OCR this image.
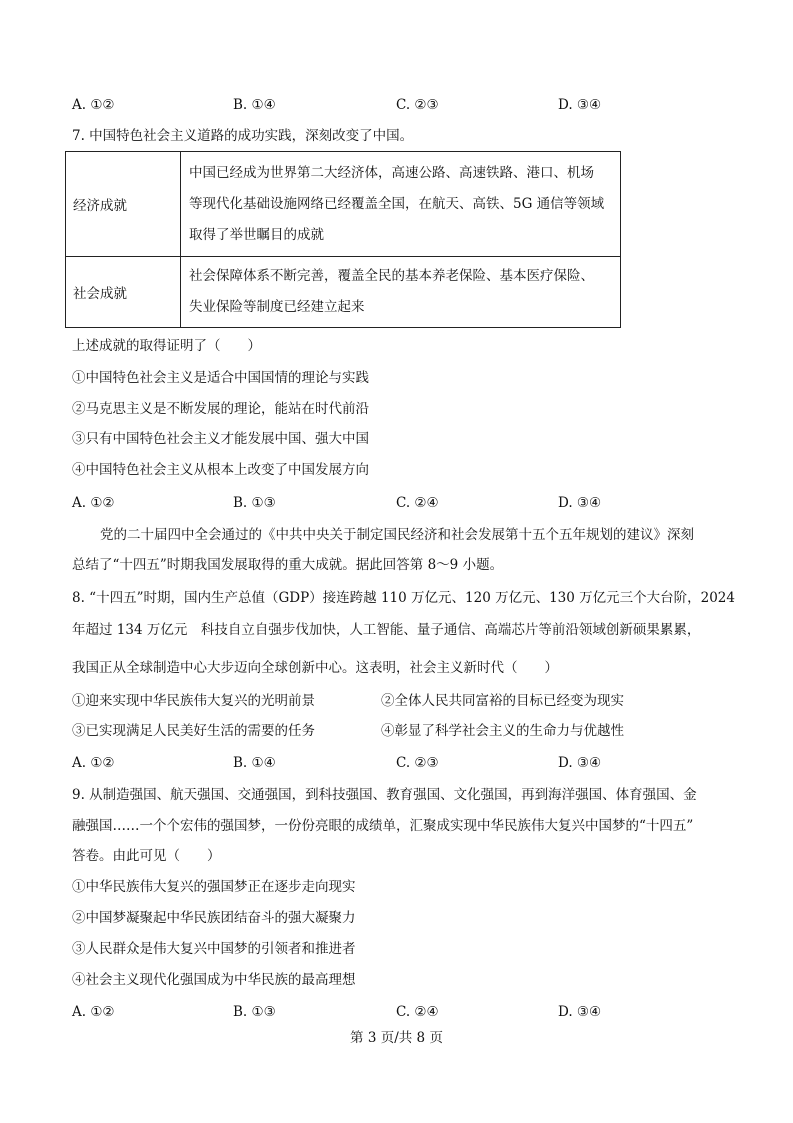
A. ①②	B. ①④	C. ②③	D. ③④
7. 中国特色社会主义道路的成功实践，深刻改变了中国。
经济成就	中国已经成为世界第二大经济体，高速公路、高速铁路、港口、机场
等现代化基础设施网络已经覆盖全国，在航天、高铁、5G 通信等领域
取得了举世瞩目的成就

社会成就	社会保障体系不断完善，覆盖全民的基本养老保险、基本医疗保险、
失业保险等制度已经建立起来
上述成就的取得证明了（　　）
①中国特色社会主义是适合中国国情的理论与实践
②马克思主义是不断发展的理论，能站在时代前沿
③只有中国特色社会主义才能发展中国、强大中国
④中国特色社会主义从根本上改变了中国发展方向
A. ①②	B. ①③	C. ②④	D. ③④
党的二十届四中全会通过的《中共中央关于制定国民经济和社会发展第十五个五年规划的建议》深刻
总结了“十四五”时期我国发展取得的重大成就。据此回答第 8～9 小题。
8. “十四五”时期，国内生产总值（GDP）接连跨越 110 万亿元、120 万亿元、130 万亿元三个大台阶，2024
年超过 134 万亿元　科技自立自强步伐加快，人工智能、量子通信、高端芯片等前沿领域创新硕果累累，
我国正从全球制造中心大步迈向全球创新中心。这表明，社会主义新时代（　　）
①迎来实现中华民族伟大复兴的光明前景	②全体人民共同富裕的目标已经变为现实
③已实现满足人民美好生活的需要的任务	④彰显了科学社会主义的生命力与优越性
A. ①②	B. ①④	C. ②③	D. ③④
9. 从制造强国、航天强国、交通强国，到科技强国、教育强国、文化强国，再到海洋强国、体育强国、金
融强国……一个个宏伟的强国梦，一份份亮眼的成绩单，汇聚成实现中华民族伟大复兴中国梦的“十四五”
答卷。由此可见（　　）
①中华民族伟大复兴的强国梦正在逐步走向现实
②中国梦凝聚起中华民族团结奋斗的强大凝聚力
③人民群众是伟大复兴中国梦的引领者和推进者
④社会主义现代化强国成为中华民族的最高理想
A. ①②	B. ①③	C. ②④	D. ③④
第 3 页/共 8 页
